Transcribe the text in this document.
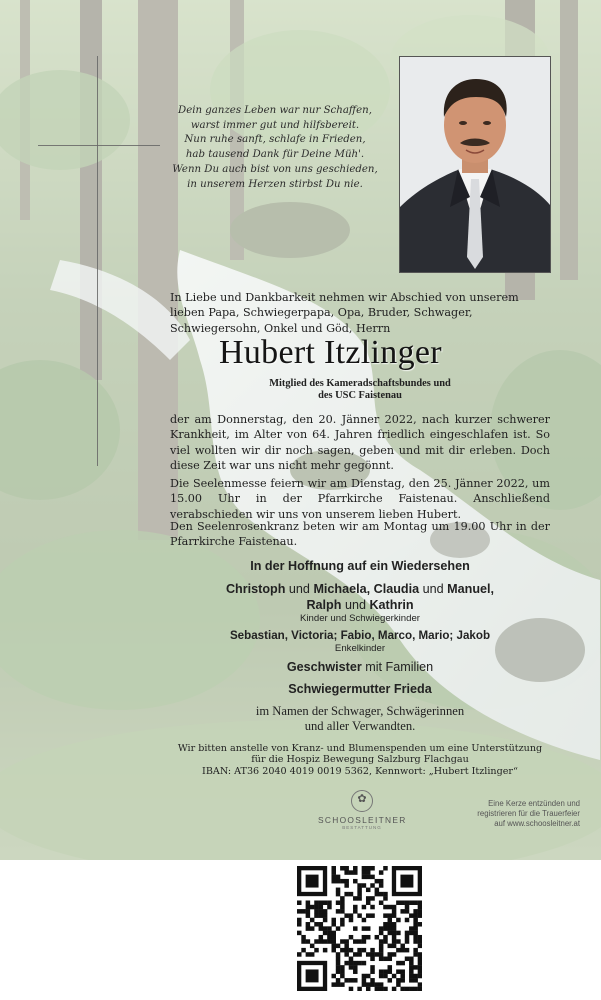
Dein ganzes Leben war nur Schaffen,
warst immer gut und hilfsbereit.
Nun ruhe sanft, schlafe in Frieden,
hab tausend Dank für Deine Müh'.
Wenn Du auch bist von uns geschieden,
in unserem Herzen stirbst Du nie.
In Liebe und Dankbarkeit nehmen wir Abschied von unserem lieben Papa, Schwiegerpapa, Opa, Bruder, Schwager, Schwiegersohn, Onkel und Göd, Herrn
Hubert Itzlinger
Mitglied des Kameradschaftsbundes und
des USC Faistenau
der am Donnerstag, den 20. Jänner 2022, nach kurzer schwerer Krankheit, im Alter von 64. Jahren friedlich eingeschlafen ist. So viel wollten wir dir noch sagen, geben und mit dir erleben. Doch diese Zeit war uns nicht mehr gegönnt.
Die Seelenmesse feiern wir am Dienstag, den 25. Jänner 2022, um 15.00 Uhr in der Pfarrkirche Faistenau. Anschließend verabschieden wir uns von unserem lieben Hubert.
Den Seelenrosenkranz beten wir am Montag um 19.00 Uhr in der Pfarrkirche Faistenau.
In der Hoffnung auf ein Wiedersehen
Christoph und Michaela, Claudia und Manuel,
Ralph und Kathrin
Kinder und Schwiegerkinder
Sebastian, Victoria; Fabio, Marco, Mario; Jakob
Enkelkinder
Geschwister mit Familien
Schwiegermutter Frieda
im Namen der Schwager, Schwägerinnen
und aller Verwandten.
Wir bitten anstelle von Kranz- und Blumenspenden um eine Unterstützung
für die Hospiz Bewegung Salzburg Flachgau
IBAN: AT36 2040 4019 0019 5362, Kennwort: „Hubert Itzlinger“
✿
SCHOOSLEITNER
BESTATTUNG
Eine Kerze entzünden und
registrieren für die Trauerfeier
auf www.schoosleitner.at
